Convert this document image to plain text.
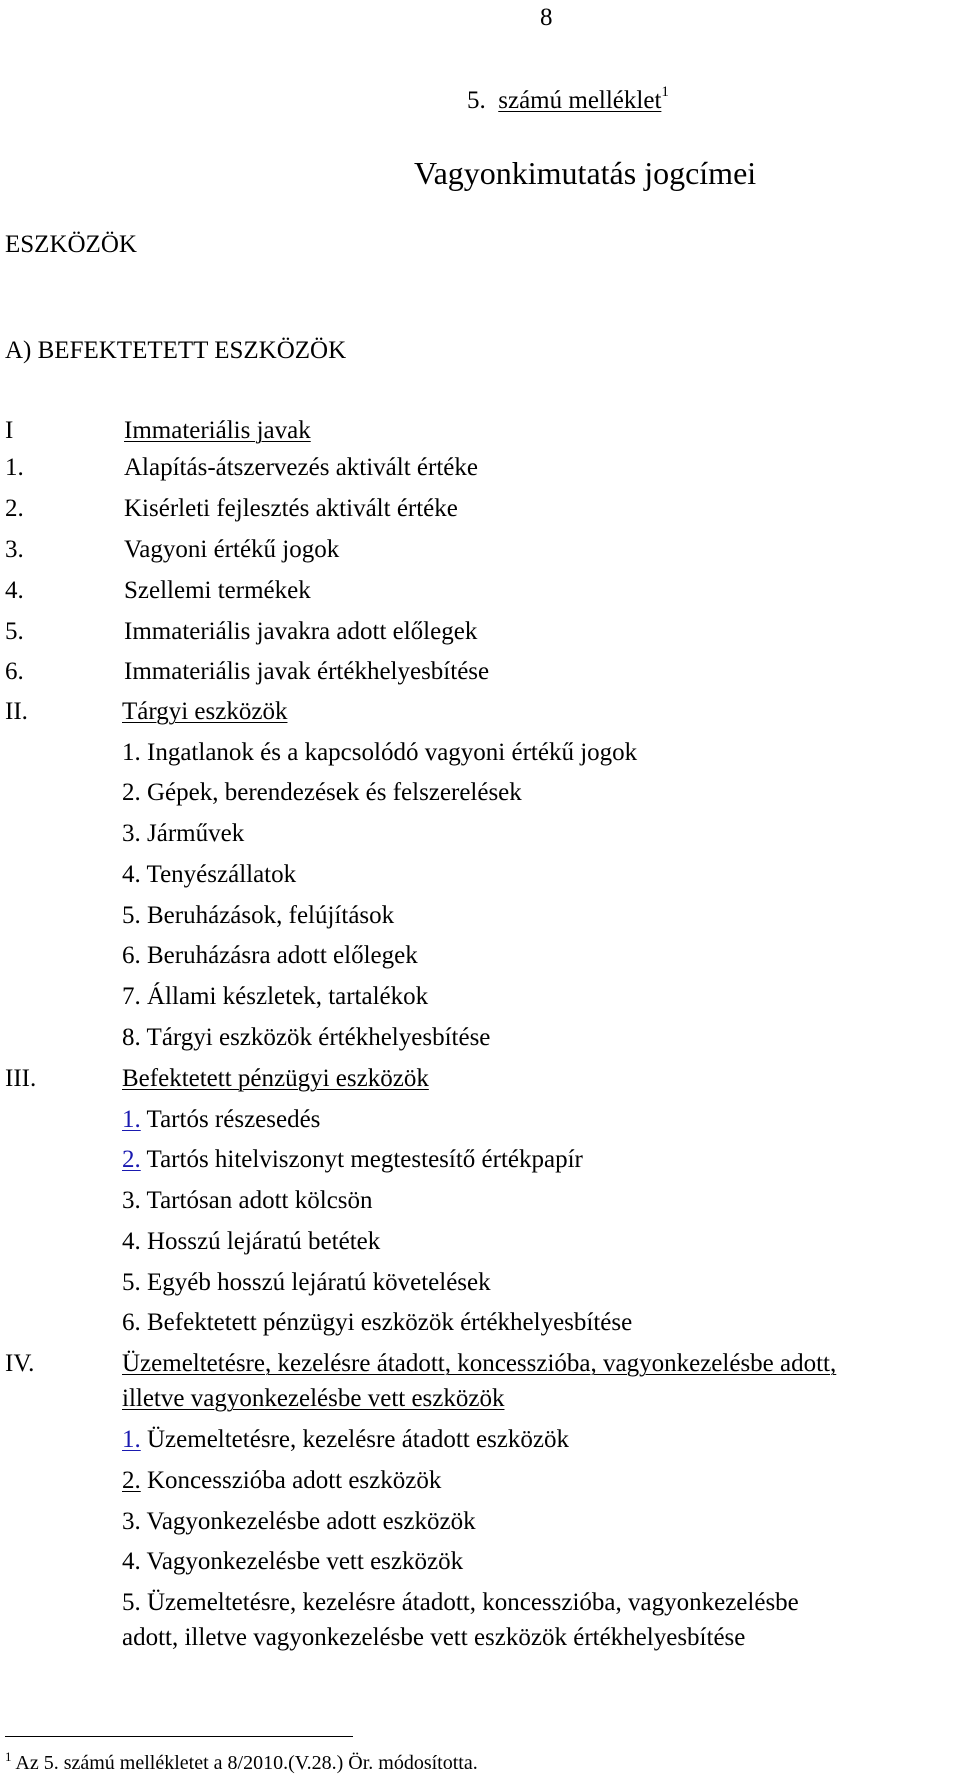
8
5. számú melléklet$^1$
Vagyonkimutatás jogcímei
ESZKÖZÖK
A) BEFEKTETETT ESZKÖZÖK
I	Immateriális javak
1.	Alapítás-átszervezés aktivált értéke
2.	Kisérleti fejlesztés aktivált értéke
3.	Vagyoni értékű jogok
4.	Szellemi termékek
5.	Immateriális javakra adott előlegek
6.	Immateriális javak értékhelyesbítése
II.	Tárgyi eszközök
1. Ingatlanok és a kapcsolódó vagyoni értékű jogok
2. Gépek, berendezések és felszerelések
3. Járművek
4. Tenyészállatok
5. Beruházások, felújítások
6. Beruházásra adott előlegek
7. Állami készletek, tartalékok
8. Tárgyi eszközök értékhelyesbítése
III.	Befektetett pénzügyi eszközök
1. Tartós részesedés
2. Tartós hitelviszonyt megtestesítő értékpapír
3. Tartósan adott kölcsön
4. Hosszú lejáratú betétek
5. Egyéb hosszú lejáratú követelések
6. Befektetett pénzügyi eszközök értékhelyesbítése
IV.	Üzemeltetésre, kezelésre átadott, koncesszióba, vagyonkezelésbe adott,
illetve vagyonkezelésbe vett eszközök
1. Üzemeltetésre, kezelésre átadott eszközök
2. Koncesszióba adott eszközök
3. Vagyonkezelésbe adott eszközök
4. Vagyonkezelésbe vett eszközök
5. Üzemeltetésre, kezelésre átadott, koncesszióba, vagyonkezelésbe
adott, illetve vagyonkezelésbe vett eszközök értékhelyesbítése
$^1$ Az 5. számú mellékletet a 8/2010.(V.28.) Ör. módosította.
